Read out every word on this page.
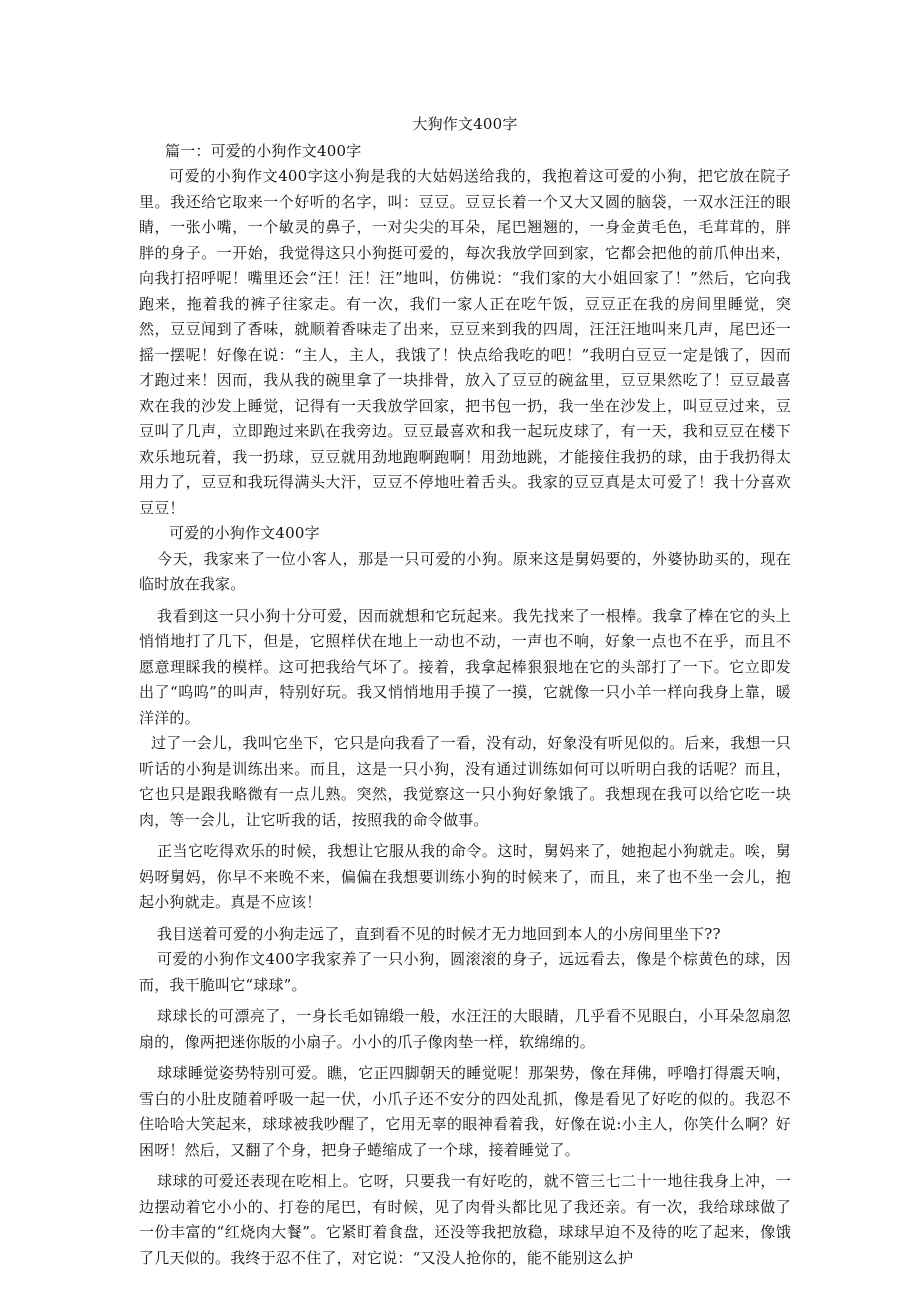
大狗作文400字

篇一：可爱的小狗作文400字

可爱的小狗作文400字这小狗是我的大姑妈送给我的，我抱着这可爱的小狗，把它放在院子里。我还给它取来一个好听的名字，叫：豆豆。豆豆长着一个又大又圆的脑袋，一双水汪汪的眼睛，一张小嘴，一个敏灵的鼻子，一对尖尖的耳朵，尾巴翘翘的，一身金黄毛色，毛茸茸的，胖胖的身子。一开始，我觉得这只小狗挺可爱的，每次我放学回到家，它都会把他的前爪伸出来，向我打招呼呢！嘴里还会“汪！汪！汪”地叫，仿佛说：“我们家的大小姐回家了！”然后，它向我跑来，拖着我的裤子往家走。有一次，我们一家人正在吃午饭，豆豆正在我的房间里睡觉，突然，豆豆闻到了香味，就顺着香味走了出来，豆豆来到我的四周，汪汪汪地叫来几声，尾巴还一摇一摆呢！好像在说：“主人，主人，我饿了！快点给我吃的吧！”我明白豆豆一定是饿了，因而才跑过来！因而，我从我的碗里拿了一块排骨，放入了豆豆的碗盆里，豆豆果然吃了！豆豆最喜欢在我的沙发上睡觉，记得有一天我放学回家，把书包一扔，我一坐在沙发上，叫豆豆过来，豆豆叫了几声，立即跑过来趴在我旁边。豆豆最喜欢和我一起玩皮球了，有一天，我和豆豆在楼下欢乐地玩着，我一扔球，豆豆就用劲地跑啊跑啊！用劲地跳，才能接住我扔的球，由于我扔得太用力了，豆豆和我玩得满头大汗，豆豆不停地吐着舌头。我家的豆豆真是太可爱了！我十分喜欢豆豆！

可爱的小狗作文400字

今天，我家来了一位小客人，那是一只可爱的小狗。原来这是舅妈要的，外婆协助买的，现在临时放在我家。

我看到这一只小狗十分可爱，因而就想和它玩起来。我先找来了一根棒。我拿了棒在它的头上悄悄地打了几下，但是，它照样伏在地上一动也不动，一声也不响，好象一点也不在乎，而且不愿意理睬我的模样。这可把我给气坏了。接着，我拿起棒狠狠地在它的头部打了一下。它立即发出了“呜呜”的叫声，特别好玩。我又悄悄地用手摸了一摸，它就像一只小羊一样向我身上靠，暖洋洋的。

过了一会儿，我叫它坐下，它只是向我看了一看，没有动，好象没有听见似的。后来，我想一只听话的小狗是训练出来。而且，这是一只小狗，没有通过训练如何可以听明白我的话呢？而且，它也只是跟我略微有一点儿熟。突然，我觉察这一只小狗好象饿了。我想现在我可以给它吃一块肉，等一会儿，让它听我的话，按照我的命令做事。

正当它吃得欢乐的时候，我想让它服从我的命令。这时，舅妈来了，她抱起小狗就走。唉，舅妈呀舅妈，你早不来晚不来，偏偏在我想要训练小狗的时候来了，而且，来了也不坐一会儿，抱起小狗就走。真是不应该！

我目送着可爱的小狗走远了，直到看不见的时候才无力地回到本人的小房间里坐下??

可爱的小狗作文400字我家养了一只小狗，圆滚滚的身子，远远看去，像是个棕黄色的球，因而，我干脆叫它“球球”。

球球长的可漂亮了，一身长毛如锦缎一般，水汪汪的大眼睛，几乎看不见眼白，小耳朵忽扇忽扇的，像两把迷你版的小扇子。小小的爪子像肉垫一样，软绵绵的。

球球睡觉姿势特别可爱。瞧，它正四脚朝天的睡觉呢！那架势，像在拜佛，呼噜打得震天响，雪白的小肚皮随着呼吸一起一伏，小爪子还不安分的四处乱抓，像是看见了好吃的似的。我忍不住哈哈大笑起来，球球被我吵醒了，它用无辜的眼神看着我，好像在说:小主人，你笑什么啊？好困呀！然后，又翻了个身，把身子蜷缩成了一个球，接着睡觉了。

球球的可爱还表现在吃相上。它呀，只要我一有好吃的，就不管三七二十一地往我身上冲，一边摆动着它小小的、打卷的尾巴，有时候，见了肉骨头都比见了我还亲。有一次，我给球球做了一份丰富的“红烧肉大餐”。它紧盯着食盘，还没等我把放稳，球球早迫不及待的吃了起来，像饿了几天似的。我终于忍不住了，对它说：“又没人抢你的，能不能别这么护
